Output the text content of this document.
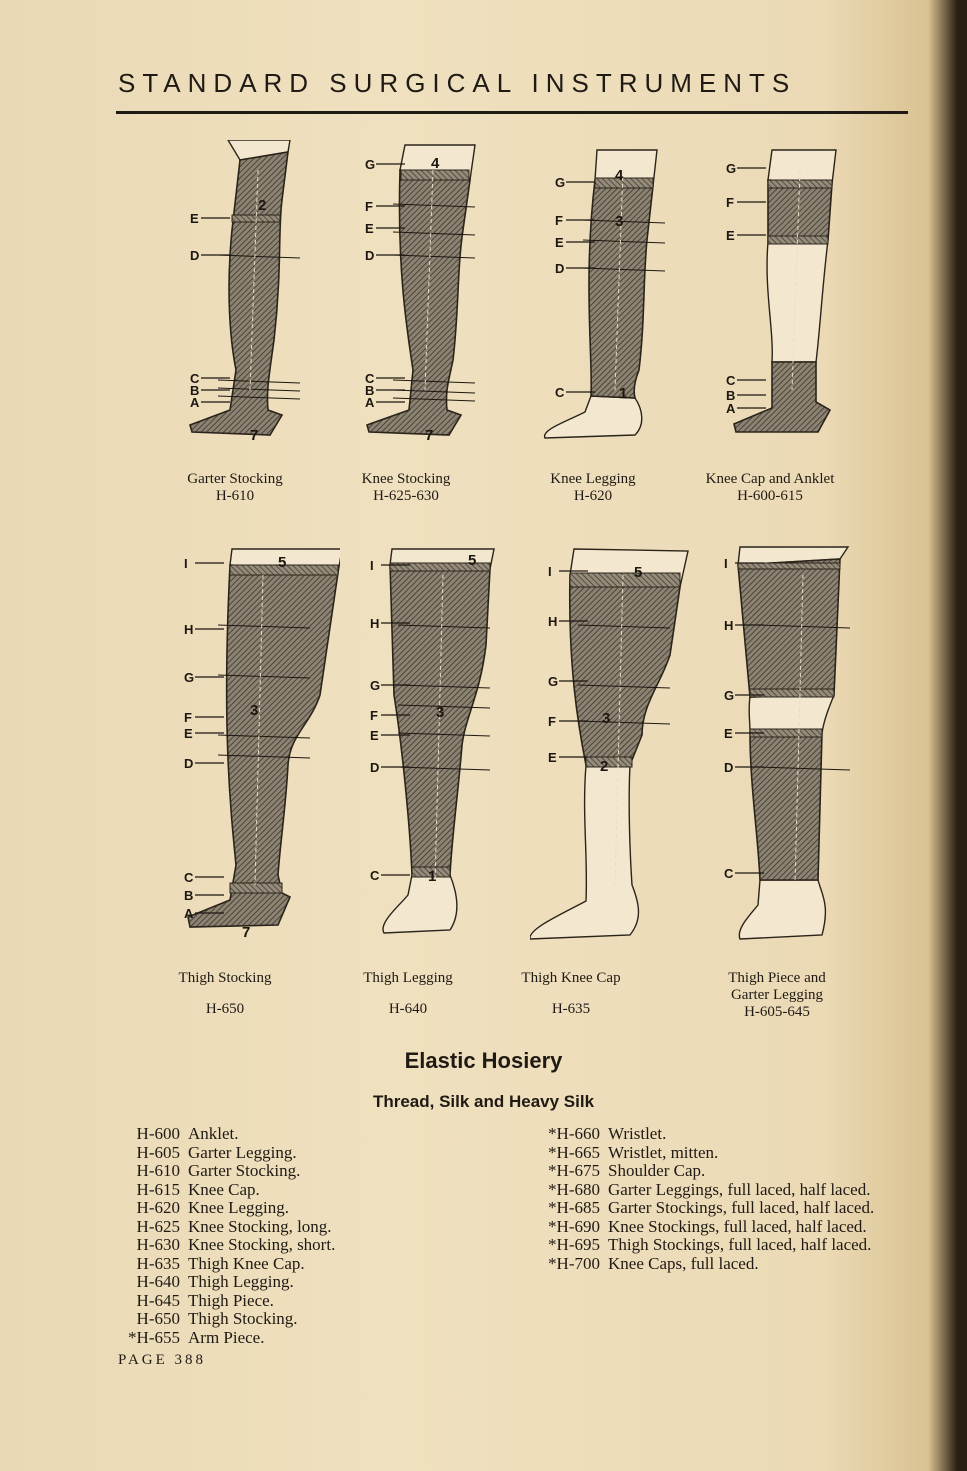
STANDARD SURGICAL INSTRUMENTS
E
D
C
B
A
2
7
G
F
E
D
C
B
A
4
7
G
F
E
D
C
4
3
1
G
F
E
C
B
A
I
H
G
F
E
D
C
B
A
5
3
7
I
H
G
F
E
D
C
5
3
1
I
H
G
F
E
5
3
2
I
H
G
E
D
C
Garter Stocking
H-610
Knee Stocking
H-625-630
Knee Legging
H-620
Knee Cap and Anklet
H-600-615
Thigh Stocking
H-650
Thigh Legging
H-640
Thigh Knee Cap
H-635
Thigh Piece and Garter Legging
H-605-645
Elastic Hosiery
Thread, Silk and Heavy Silk
H-600 Anklet.
H-605 Garter Legging.
H-610 Garter Stocking.
H-615 Knee Cap.
H-620 Knee Legging.
H-625 Knee Stocking, long.
H-630 Knee Stocking, short.
H-635 Thigh Knee Cap.
H-640 Thigh Legging.
H-645 Thigh Piece.
H-650 Thigh Stocking.
*H-655 Arm Piece.
*H-660 Wristlet.
*H-665 Wristlet, mitten.
*H-675 Shoulder Cap.
*H-680 Garter Leggings, full laced, half laced.
*H-685 Garter Stockings, full laced, half laced.
*H-690 Knee Stockings, full laced, half laced.
*H-695 Thigh Stockings, full laced, half laced.
*H-700 Knee Caps, full laced.
PAGE 388
